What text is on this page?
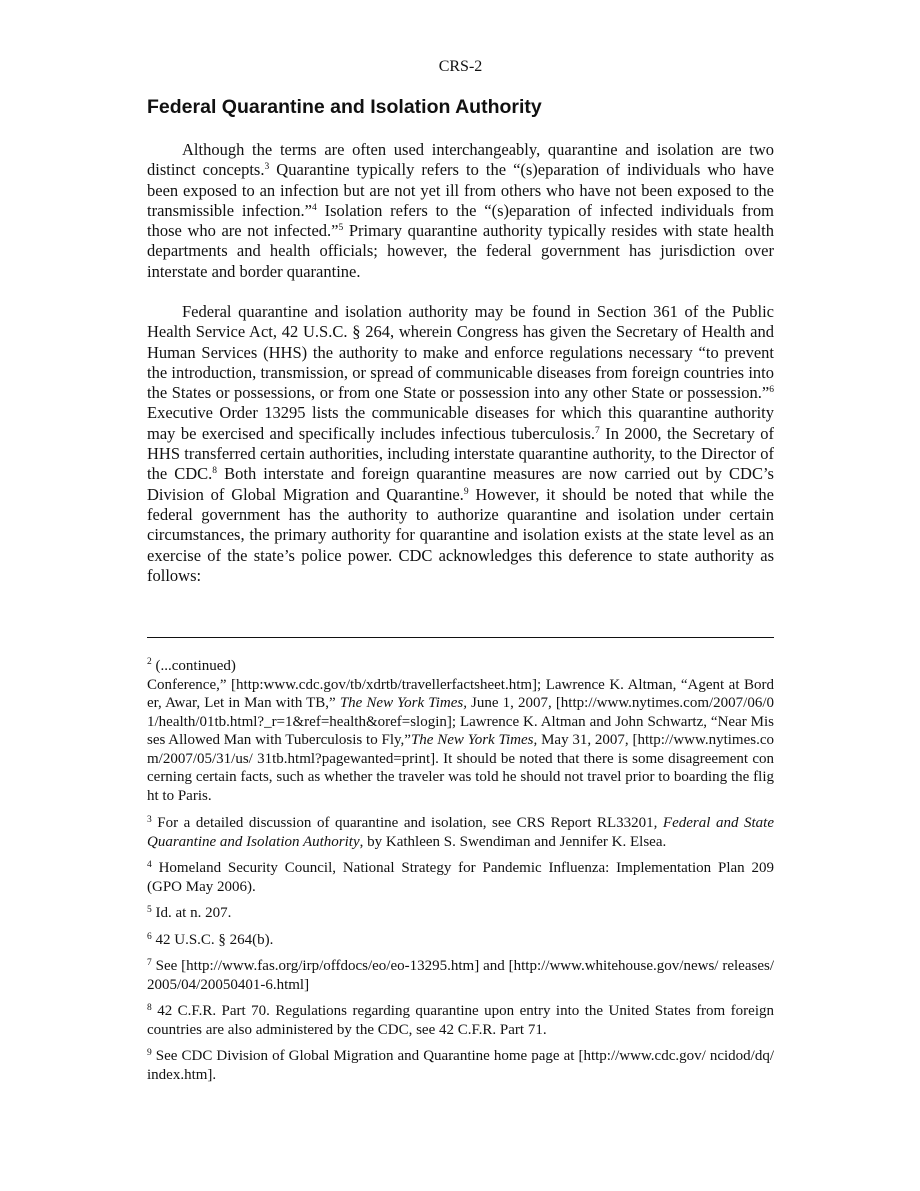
CRS-2
Federal Quarantine and Isolation Authority

Although the terms are often used interchangeably, quarantine and isolation are two distinct concepts.$^3$ Quarantine typically refers to the “(s)eparation of individuals who have been exposed to an infection but are not yet ill from others who have not been exposed to the transmissible infection.”$^4$ Isolation refers to the “(s)eparation of infected individuals from those who are not infected.”$^5$ Primary quarantine authority typically resides with state health departments and health officials; however, the federal government has jurisdiction over interstate and border quarantine.

Federal quarantine and isolation authority may be found in Section 361 of the Public Health Service Act, 42 U.S.C. § 264, wherein Congress has given the Secretary of Health and Human Services (HHS) the authority to make and enforce regulations necessary “to prevent the introduction, transmission, or spread of communicable diseases from foreign countries into the States or possessions, or from one State or possession into any other State or possession.”$^6$ Executive Order 13295 lists the communicable diseases for which this quarantine authority may be exercised and specifically includes infectious tuberculosis.$^7$ In 2000, the Secretary of HHS transferred certain authorities, including interstate quarantine authority, to the Director of the CDC.$^8$ Both interstate and foreign quarantine measures are now carried out by CDC’s Division of Global Migration and Quarantine.$^9$ However, it should be noted that while the federal government has the authority to authorize quarantine and isolation under certain circumstances, the primary authority for quarantine and isolation exists at the state level as an exercise of the state’s police power. CDC acknowledges this deference to state authority as follows:

$^2$ (...continued)

Conference,” [http:www.cdc.gov/tb/xdrtb/travellerfactsheet.htm]; Lawrence K. Altman, “Agent at Border, Awar, Let in Man with TB,” The New York Times, June 1, 2007, [http://www.nytimes.com/2007/06/01/health/01tb.html?_r=1&ref=health&oref=slogin]; Lawrence K. Altman and John Schwartz, “Near Misses Allowed Man with Tuberculosis to Fly,”The New York Times, May 31, 2007, [http://www.nytimes.com/2007/05/31/us/ 31tb.html?pagewanted=print]. It should be noted that there is some disagreement concerning certain facts, such as whether the traveler was told he should not travel prior to boarding the flight to Paris.

$^3$ For a detailed discussion of quarantine and isolation, see CRS Report RL33201, Federal and State Quarantine and Isolation Authority, by Kathleen S. Swendiman and Jennifer K. Elsea.

$^4$ Homeland Security Council, National Strategy for Pandemic Influenza: Implementation Plan 209 (GPO May 2006).

$^5$ Id. at n. 207.

$^6$ 42 U.S.C. § 264(b).

$^7$ See [http://www.fas.org/irp/offdocs/eo/eo-13295.htm] and [http://www.whitehouse.gov/news/ releases/2005/04/20050401-6.html]

$^8$ 42 C.F.R. Part 70. Regulations regarding quarantine upon entry into the United States from foreign countries are also administered by the CDC, see 42 C.F.R. Part 71.

$^9$ See CDC Division of Global Migration and Quarantine home page at [http://www.cdc.gov/ ncidod/dq/index.htm].
